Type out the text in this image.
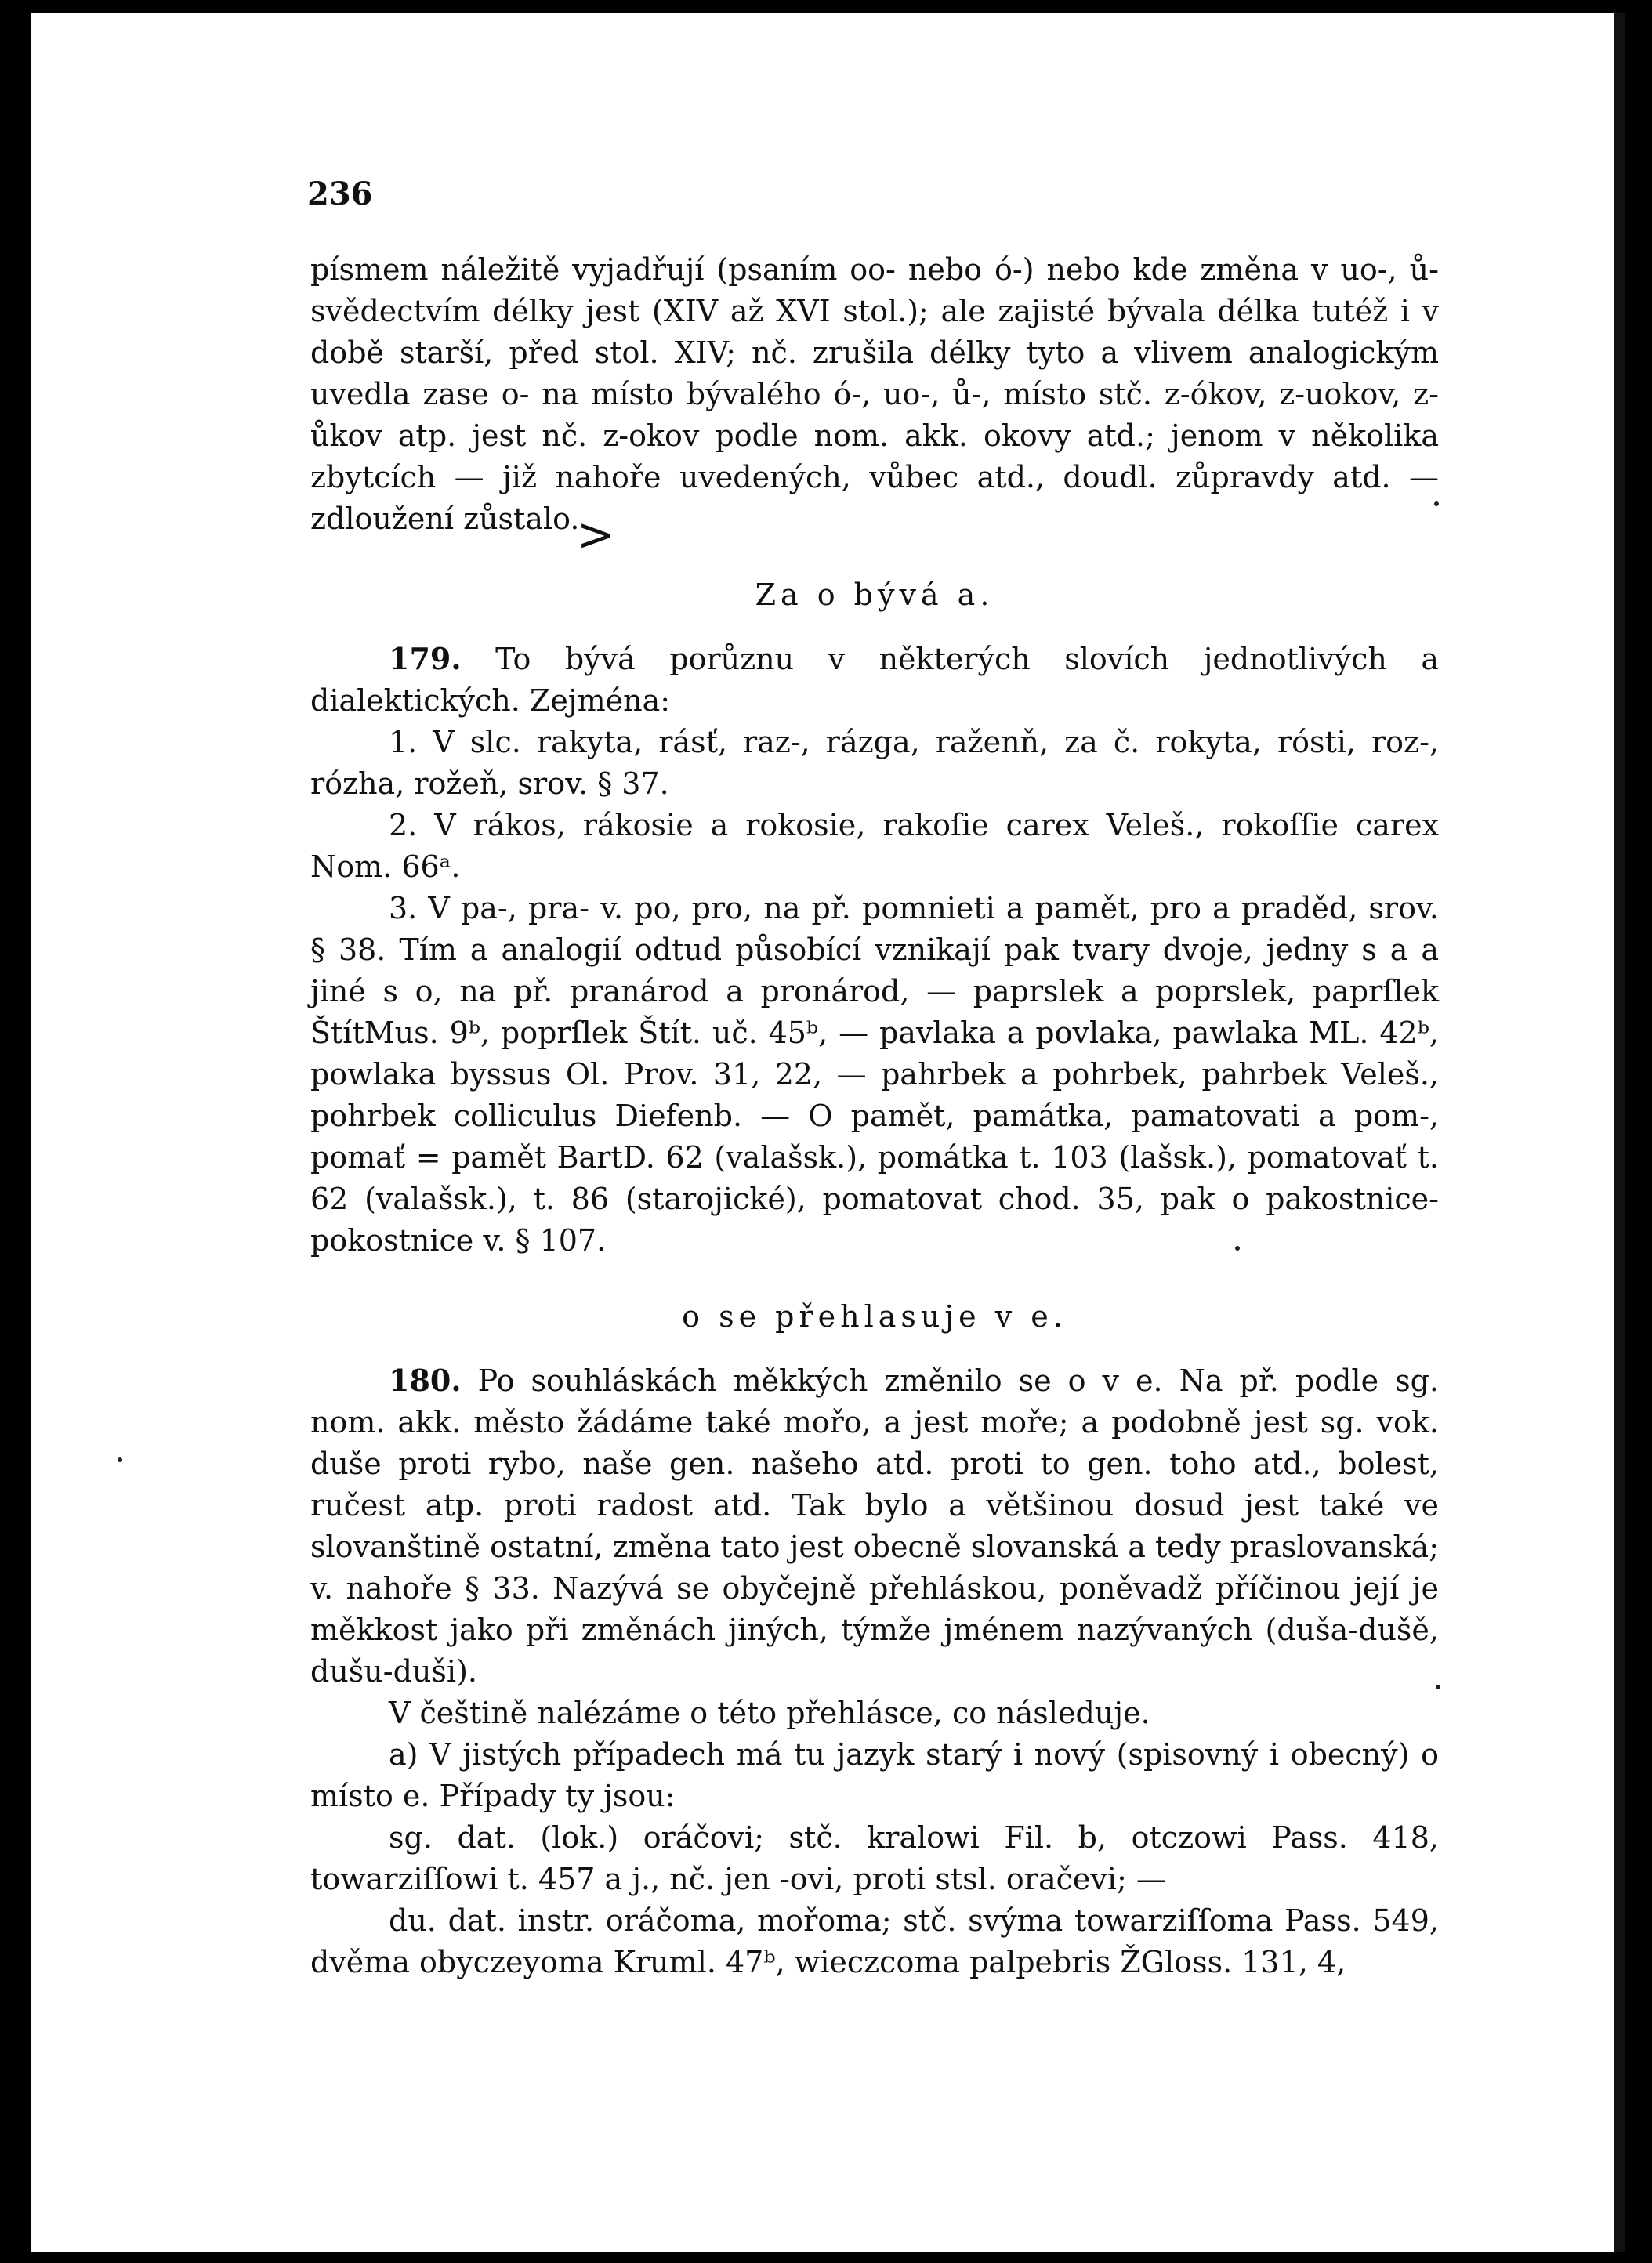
236
>

písmem náležitě vyjadřují (psaním oo- nebo ó-) nebo kde změna v uo-, ů- svědectvím délky jest (XIV až XVI stol.); ale zajisté bývala délka tutéž i v době starší, před stol. XIV; nč. zrušila délky tyto a vlivem analogickým uvedla zase o- na místo bývalého ó-, uo-, ů-, místo stč. z-ókov, z-uokov, z-ůkov atp. jest nč. z-okov podle nom. akk. okovy atd.; jenom v několika zbytcích — již nahoře uvedených, vůbec atd., doudl. zůpravdy atd. — zdloužení zůstalo.

Za o bývá a.

179. To bývá porůznu v některých slovích jednotlivých a dialektických. Zejména:

1. V slc. rakyta, rásť, raz-, rázga, raženň, za č. rokyta, rósti, roz-, rózha, rožeň, srov. § 37.

2. V rákos, rákosie a rokosie, rakoſie carex Veleš., rokoſſie carex Nom. 66ᵃ.

3. V pa-, pra- v. po, pro, na př. pomnieti a pamět, pro a praděd, srov. § 38. Tím a analogií odtud působící vznikají pak tvary dvoje, jedny s a a jiné s o, na př. pranárod a pronárod, — paprslek a poprslek, paprſlek ŠtítMus. 9ᵇ, poprſlek Štít. uč. 45ᵇ, — pavlaka a povlaka, pawlaka ML. 42ᵇ, powlaka byssus Ol. Prov. 31, 22, — pahrbek a pohrbek, pahrbek Veleš., pohrbek colliculus Diefenb. — O pamět, památka, pamatovati a pom-, pomať = pamět BartD. 62 (valašsk.), pomátka t. 103 (lašsk.), pomatovať t. 62 (valašsk.), t. 86 (starojické), pomatovat chod. 35, pak o pakostnice-pokostnice v. § 107.

o se přehlasuje v e.

180. Po souhláskách měkkých změnilo se o v e. Na př. podle sg. nom. akk. město žádáme také mořo, a jest moře; a podobně jest sg. vok. duše proti rybo, naše gen. našeho atd. proti to gen. toho atd., bolest, ručest atp. proti radost atd. Tak bylo a většinou dosud jest také ve slovanštině ostatní, změna tato jest obecně slovanská a tedy praslovanská; v. nahoře § 33. Nazývá se obyčejně přehláskou, poněvadž příčinou její je měkkost jako při změnách jiných, týmže jménem nazývaných (duša-dušě, dušu-duši).

V češtině nalézáme o této přehlásce, co následuje.

a) V jistých případech má tu jazyk starý i nový (spisovný i obecný) o místo e. Případy ty jsou:

sg. dat. (lok.) oráčovi; stč. kralowi Fil. b, otczowi Pass. 418, towarziſſowi t. 457 a j., nč. jen -ovi, proti stsl. oračevi; —

du. dat. instr. oráčoma, mořoma; stč. svýma towarziſſoma Pass. 549, dvěma obyczeyoma Kruml. 47ᵇ, wieczcoma palpebris ŽGloss. 131, 4,
